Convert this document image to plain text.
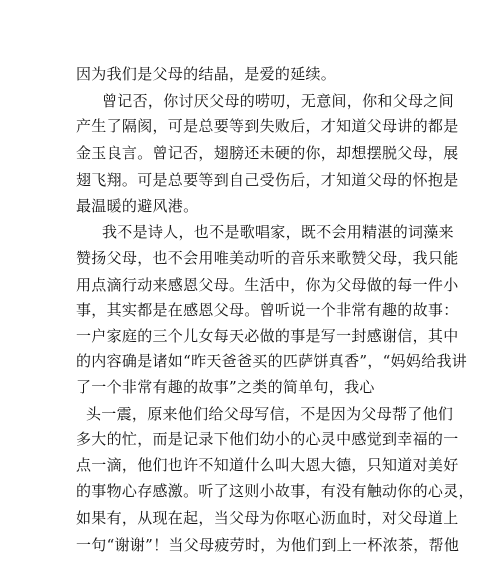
因为我们是父母的结晶，是爱的延续。
曾记否，你讨厌父母的唠叨，无意间，你和父母之间
产生了隔阂，可是总要等到失败后，才知道父母讲的都是
金玉良言。曾记否，翅膀还未硬的你，却想摆脱父母，展
翅飞翔。可是总要等到自己受伤后，才知道父母的怀抱是
最温暖的避风港。
我不是诗人，也不是歌唱家，既不会用精湛的词藻来
赞扬父母，也不会用唯美动听的音乐来歌赞父母，我只能
用点滴行动来感恩父母。生活中，你为父母做的每一件小
事，其实都是在感恩父母。曾听说一个非常有趣的故事：
一户家庭的三个儿女每天必做的事是写一封感谢信，其中
的内容确是诸如“昨天爸爸买的匹萨饼真香”，“妈妈给我讲
了一个非常有趣的故事”之类的简单句，我心
头一震，原来他们给父母写信，不是因为父母帮了他们
多大的忙，而是记录下他们幼小的心灵中感觉到幸福的一
点一滴，他们也许不知道什么叫大恩大德，只知道对美好
的事物心存感激。听了这则小故事，有没有触动你的心灵，
如果有，从现在起，当父母为你呕心沥血时，对父母道上
一句“谢谢”！当父母疲劳时，为他们到上一杯浓茶，帮他
